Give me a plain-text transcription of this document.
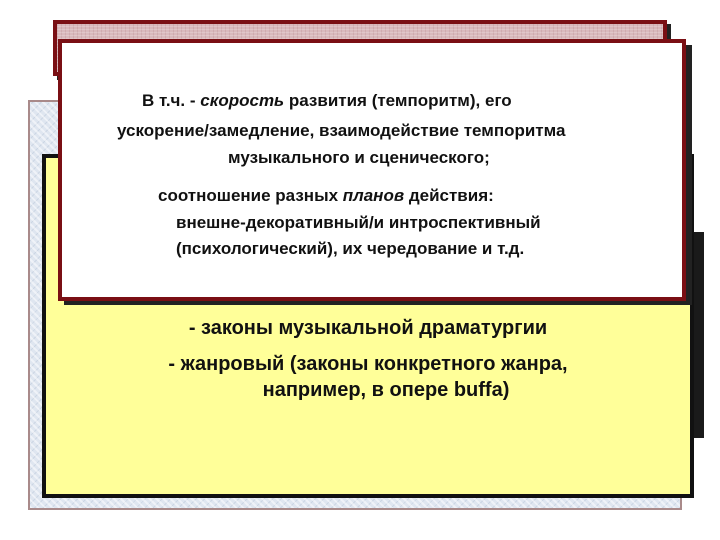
- законы музыкальной драматургии
- жанровый (законы конкретного жанра,
например, в опере buffa)
В т.ч. - скорость развития (темпоритм), его
ускорение/замедление, взаимодействие темпоритма
музыкального и сценического;
соотношение разных планов действия:
внешне-декоративный/и интроспективный
(психологический), их чередование и т.д.
